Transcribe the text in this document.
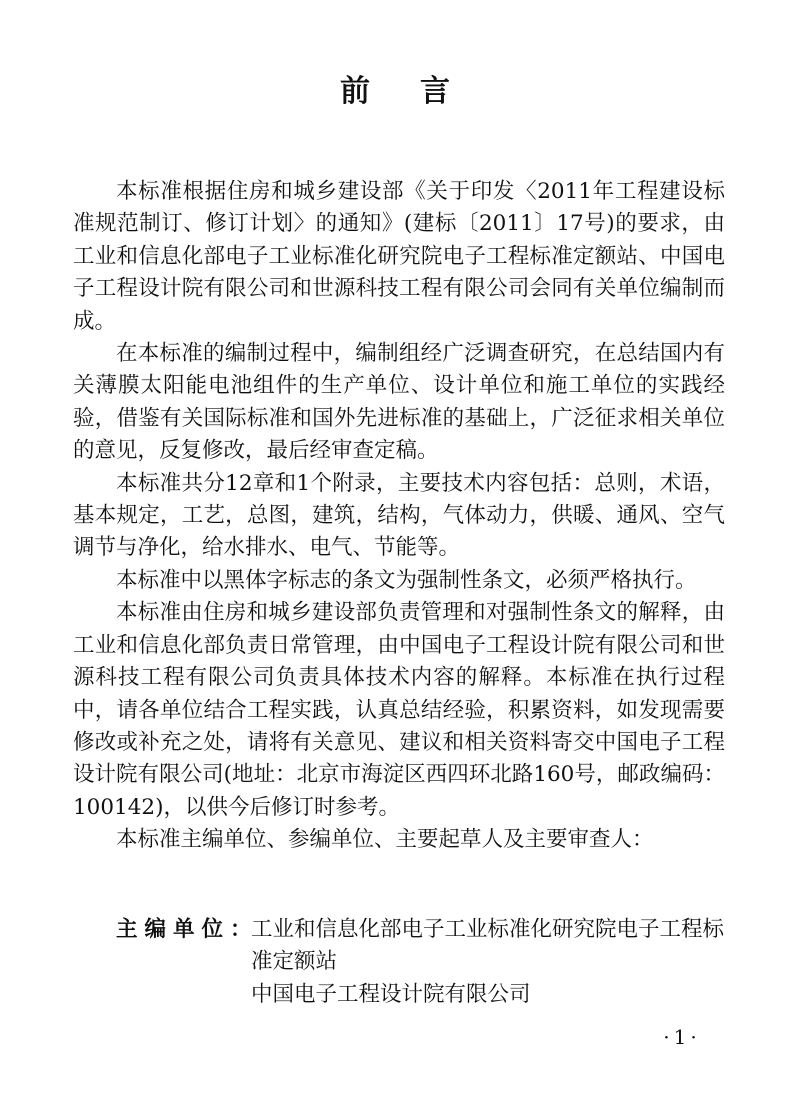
前言

本标准根据住房和城乡建设部《关于印发〈2011年工程建设标准规范制订、修订计划〉的通知》(建标〔2011〕17号)的要求，由工业和信息化部电子工业标准化研究院电子工程标准定额站、中国电子工程设计院有限公司和世源科技工程有限公司会同有关单位编制而成。

在本标准的编制过程中，编制组经广泛调查研究，在总结国内有关薄膜太阳能电池组件的生产单位、设计单位和施工单位的实践经验，借鉴有关国际标准和国外先进标准的基础上，广泛征求相关单位的意见，反复修改，最后经审查定稿。

本标准共分12章和1个附录，主要技术内容包括：总则，术语，基本规定，工艺，总图，建筑，结构，气体动力，供暖、通风、空气调节与净化，给水排水、电气、节能等。

本标准中以黑体字标志的条文为强制性条文，必须严格执行。

本标准由住房和城乡建设部负责管理和对强制性条文的解释，由工业和信息化部负责日常管理，由中国电子工程设计院有限公司和世源科技工程有限公司负责具体技术内容的解释。本标准在执行过程中，请各单位结合工程实践，认真总结经验，积累资料，如发现需要修改或补充之处，请将有关意见、建议和相关资料寄交中国电子工程设计院有限公司(地址：北京市海淀区西四环北路160号，邮政编码：100142)，以供今后修订时参考。

本标准主编单位、参编单位、主要起草人及主要审查人：

主编单位：

工业和信息化部电子工业标准化研究院电子工程标准定额站

中国电子工程设计院有限公司

·1·
